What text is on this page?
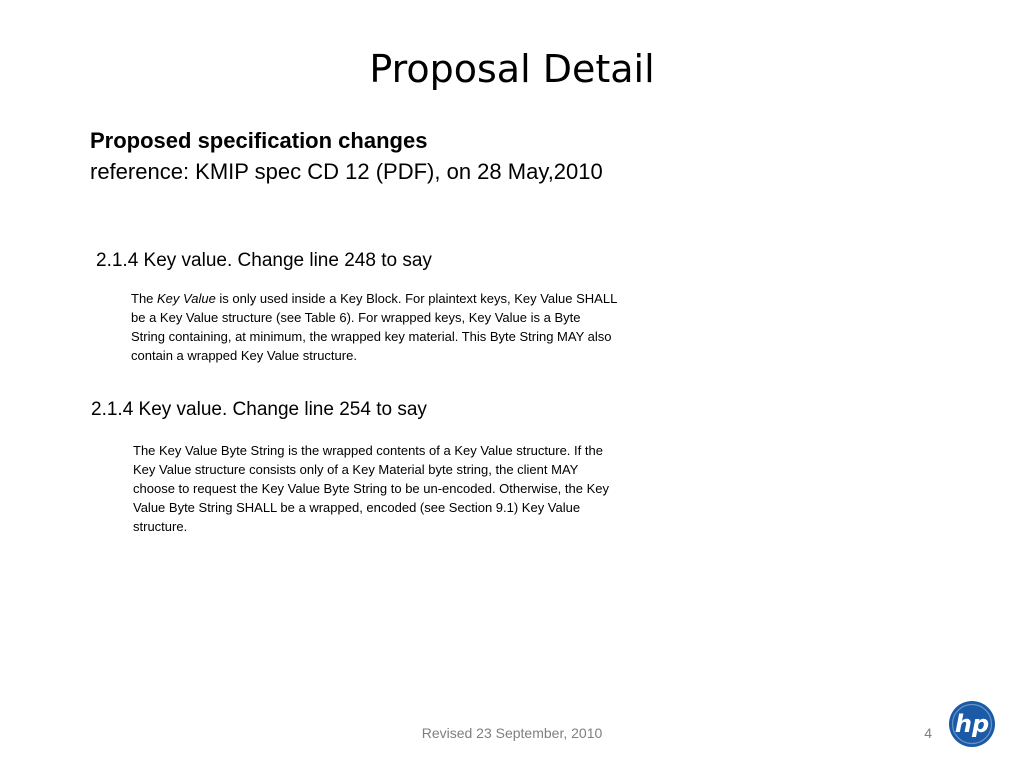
Proposal Detail
Proposed specification changes
reference: KMIP spec CD 12 (PDF), on 28 May,2010
2.1.4 Key value. Change line 248 to say
The Key Value is only used inside a Key Block. For plaintext keys, Key Value SHALL
be a Key Value structure (see Table 6). For wrapped keys, Key Value is a Byte
String containing, at minimum, the wrapped key material. This Byte String MAY also
contain a wrapped Key Value structure.
2.1.4 Key value. Change line 254 to say
The Key Value Byte String is the wrapped contents of a Key Value structure. If the
Key Value structure consists only of a Key Material byte string, the client MAY
choose to request the Key Value Byte String to be un-encoded. Otherwise, the Key
Value Byte String SHALL be a wrapped, encoded (see Section 9.1) Key Value
structure.
Revised 23 September, 2010	4 hp
